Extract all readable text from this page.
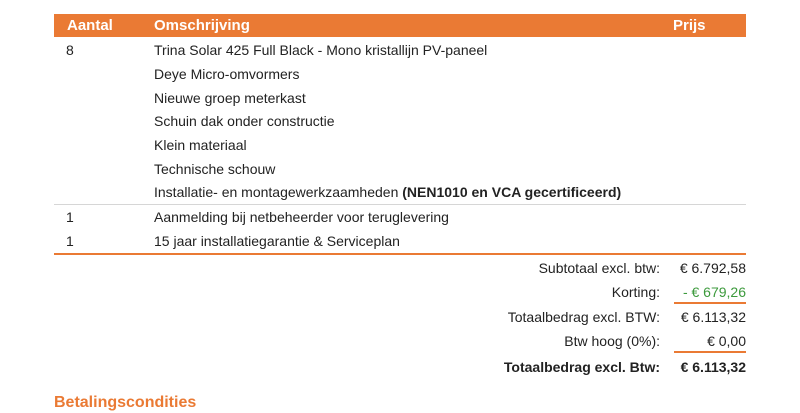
Aantal	Omschrijving	Prijs
8	Trina Solar 425 Full Black - Mono kristallijn PV-paneel
Deye Micro-omvormers
Nieuwe groep meterkast
Schuin dak onder constructie
Klein materiaal
Technische schouw
Installatie- en montagewerkzaamheden (NEN1010 en VCA gecertificeerd)
1	Aanmelding bij netbeheerder voor teruglevering
1	15 jaar installatiegarantie & Serviceplan
Subtotaal excl. btw: € 6.792,58
Korting: - € 679,26
Totaalbedrag excl. BTW: € 6.113,32
Btw hoog (0%):	€ 0,00
Totaalbedrag excl. Btw: € 6.113,32
Betalingscondities
